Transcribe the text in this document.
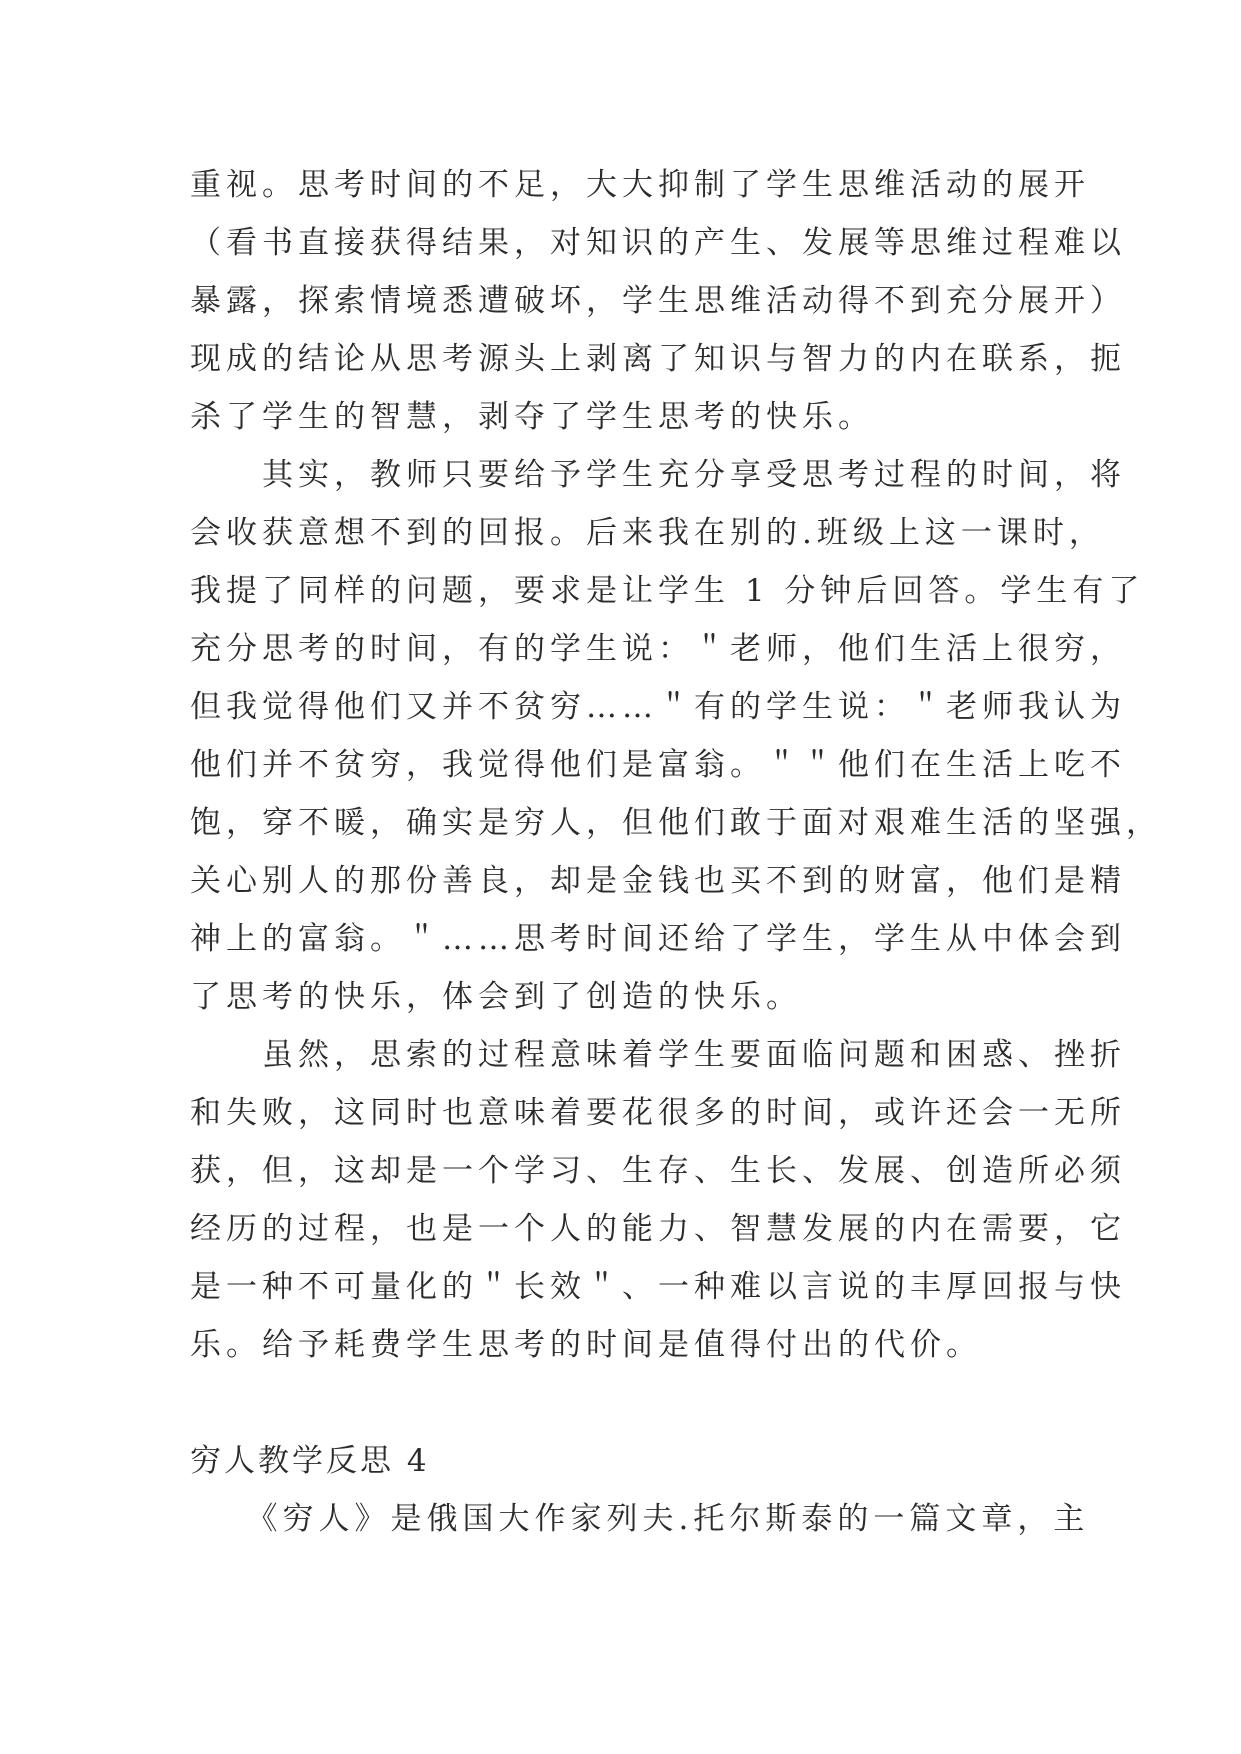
重视。思考时间的不足，大大抑制了学生思维活动的展开
（看书直接获得结果，对知识的产生、发展等思维过程难以
暴露，探索情境悉遭破坏，学生思维活动得不到充分展开）
现成的结论从思考源头上剥离了知识与智力的内在联系，扼
杀了学生的智慧，剥夺了学生思考的快乐。
　　其实，教师只要给予学生充分享受思考过程的时间，将
会收获意想不到的回报。后来我在别的.班级上这一课时，
我提了同样的问题，要求是让学生 1 分钟后回答。学生有了
充分思考的时间，有的学生说：＂老师，他们生活上很穷，
但我觉得他们又并不贫穷……＂有的学生说：＂老师我认为
他们并不贫穷，我觉得他们是富翁。＂＂他们在生活上吃不
饱，穿不暖，确实是穷人，但他们敢于面对艰难生活的坚强，
关心别人的那份善良，却是金钱也买不到的财富，他们是精
神上的富翁。＂……思考时间还给了学生，学生从中体会到
了思考的快乐，体会到了创造的快乐。
　　虽然，思索的过程意味着学生要面临问题和困惑、挫折
和失败，这同时也意味着要花很多的时间，或许还会一无所
获，但，这却是一个学习、生存、生长、发展、创造所必须
经历的过程，也是一个人的能力、智慧发展的内在需要，它
是一种不可量化的＂长效＂、一种难以言说的丰厚回报与快
乐。给予耗费学生思考的时间是值得付出的代价。
穷人教学反思 4
　　《穷人》是俄国大作家列夫.托尔斯泰的一篇文章，主
